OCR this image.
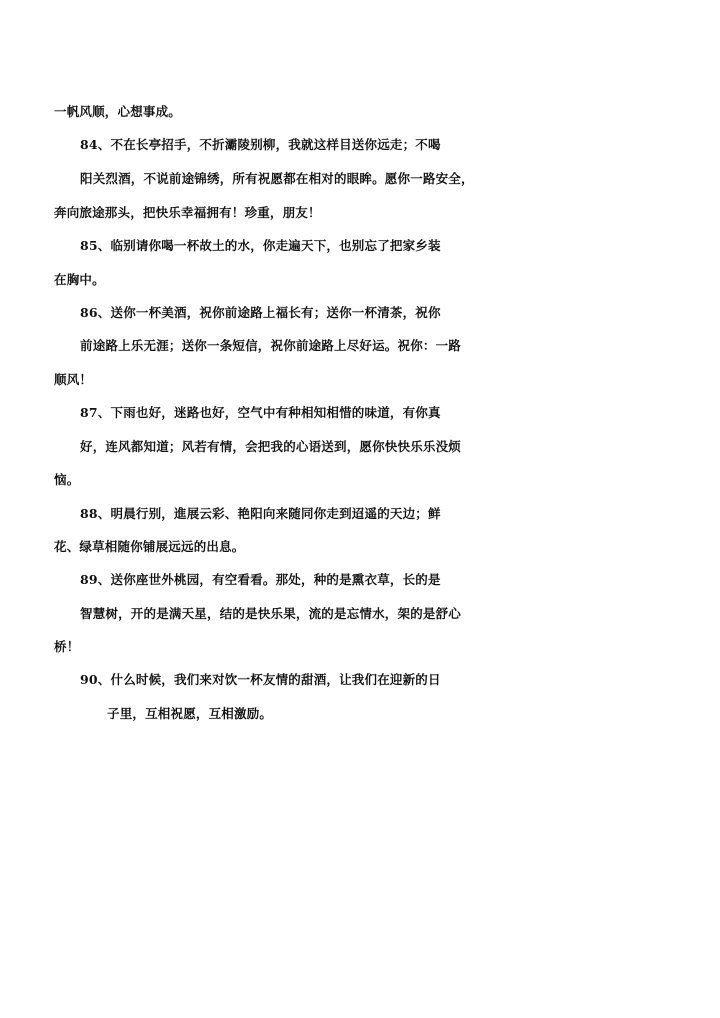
一帆风顺，心想事成。
84、不在长亭招手，不折灞陵别柳，我就这样目送你远走；不喝
阳关烈酒，不说前途锦绣，所有祝愿都在相对的眼眸。愿你一路安全，
奔向旅途那头，把快乐幸福拥有！珍重，朋友！
85、临别请你喝一杯故土的水，你走遍天下，也别忘了把家乡装
在胸中。
86、送你一杯美酒，祝你前途路上福长有；送你一杯清茶，祝你
前途路上乐无涯；送你一条短信，祝你前途路上尽好运。祝你：一路
顺风！
87、下雨也好，迷路也好，空气中有种相知相惜的味道，有你真
好，连风都知道；风若有情，会把我的心语送到，愿你快快乐乐没烦
恼。
88、明晨行别，進展云彩、艳阳向来随同你走到迢遥的天边；鲜
花、绿草相随你铺展远远的出息。
89、送你座世外桃园，有空看看。那处，种的是熏衣草，长的是
智慧树，开的是满天星，结的是快乐果，流的是忘情水，架的是舒心
桥！
90、什么时候，我们来对饮一杯友情的甜酒，让我们在迎新的日
子里，互相祝愿，互相激励。
